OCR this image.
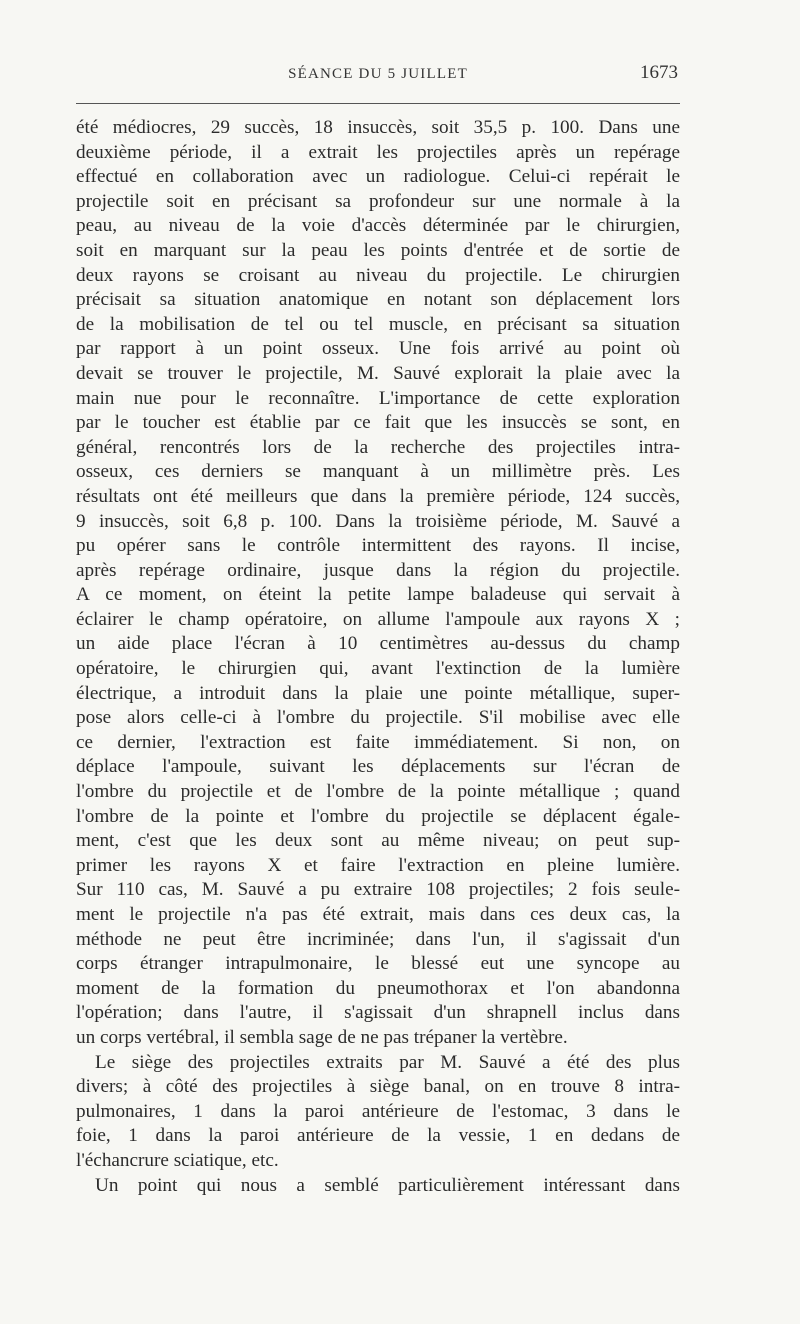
SÉANCE DU 5 JUILLET	1673
été médiocres, 29 succès, 18 insuccès, soit 35,5 p. 100. Dans une
deuxième période, il a extrait les projectiles après un repérage
effectué en collaboration avec un radiologue. Celui-ci repérait le
projectile soit en précisant sa profondeur sur une normale à la
peau, au niveau de la voie d'accès déterminée par le chirurgien,
soit en marquant sur la peau les points d'entrée et de sortie de
deux rayons se croisant au niveau du projectile. Le chirurgien
précisait sa situation anatomique en notant son déplacement lors
de la mobilisation de tel ou tel muscle, en précisant sa situation
par rapport à un point osseux. Une fois arrivé au point où
devait se trouver le projectile, M. Sauvé explorait la plaie avec la
main nue pour le reconnaître. L'importance de cette exploration
par le toucher est établie par ce fait que les insuccès se sont, en
général, rencontrés lors de la recherche des projectiles intra-
osseux, ces derniers se manquant à un millimètre près. Les
résultats ont été meilleurs que dans la première période, 124 succès,
9 insuccès, soit 6,8 p. 100. Dans la troisième période, M. Sauvé a
pu opérer sans le contrôle intermittent des rayons. Il incise,
après repérage ordinaire, jusque dans la région du projectile.
A ce moment, on éteint la petite lampe baladeuse qui servait à
éclairer le champ opératoire, on allume l'ampoule aux rayons X ;
un aide place l'écran à 10 centimètres au-dessus du champ
opératoire, le chirurgien qui, avant l'extinction de la lumière
électrique, a introduit dans la plaie une pointe métallique, super-
pose alors celle-ci à l'ombre du projectile. S'il mobilise avec elle
ce dernier, l'extraction est faite immédiatement. Si non, on
déplace l'ampoule, suivant les déplacements sur l'écran de
l'ombre du projectile et de l'ombre de la pointe métallique ; quand
l'ombre de la pointe et l'ombre du projectile se déplacent égale-
ment, c'est que les deux sont au même niveau; on peut sup-
primer les rayons X et faire l'extraction en pleine lumière.
Sur 110 cas, M. Sauvé a pu extraire 108 projectiles; 2 fois seule-
ment le projectile n'a pas été extrait, mais dans ces deux cas, la
méthode ne peut être incriminée; dans l'un, il s'agissait d'un
corps étranger intrapulmonaire, le blessé eut une syncope au
moment de la formation du pneumothorax et l'on abandonna
l'opération; dans l'autre, il s'agissait d'un shrapnell inclus dans
un corps vertébral, il sembla sage de ne pas trépaner la vertèbre.
Le siège des projectiles extraits par M. Sauvé a été des plus
divers; à côté des projectiles à siège banal, on en trouve 8 intra-
pulmonaires, 1 dans la paroi antérieure de l'estomac, 3 dans le
foie, 1 dans la paroi antérieure de la vessie, 1 en dedans de
l'échancrure sciatique, etc.
Un point qui nous a semblé particulièrement intéressant dans
